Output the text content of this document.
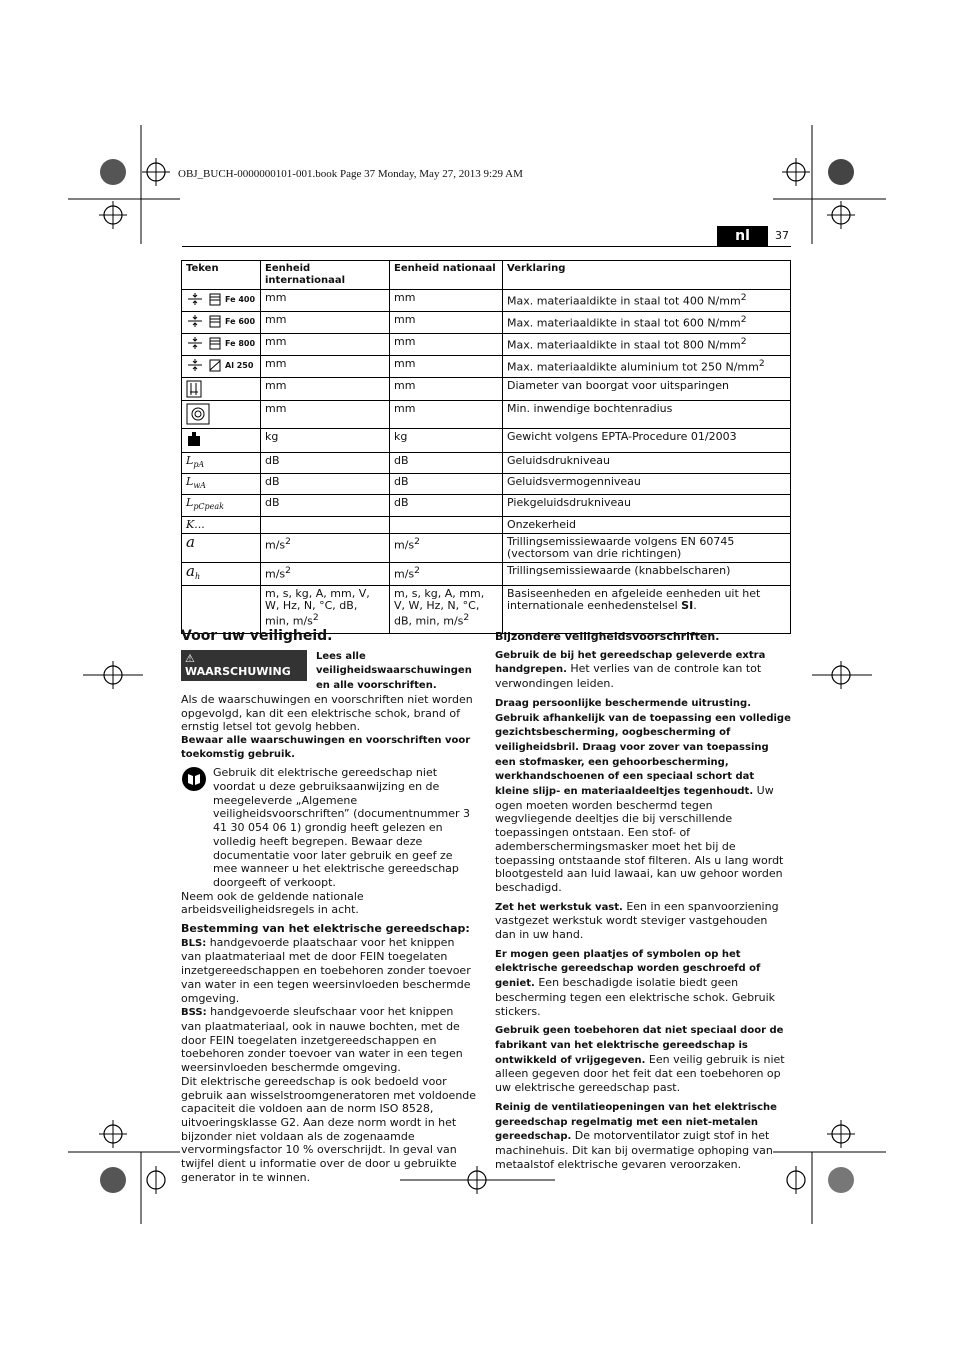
OBJ_BUCH-0000000101-001.book Page 37 Monday, May 27, 2013 9:29 AM
nl	37
Teken	Eenheid internationaal	Eenheid nationaal	Verklaring
Fe 400	mm	mm	Max. materiaaldikte in staal tot 400 $N/mm^2$
Fe 600	mm	mm	Max. materiaaldikte in staal tot 600 $N/mm^2$
Fe 800	mm	mm	Max. materiaaldikte in staal tot 800 $N/mm^2$
Al 250	mm	mm	Max. materiaaldikte aluminium tot 250 $N/mm^2$
	mm	mm	Diameter van boorgat voor uitsparingen
	mm	mm	Min. inwendige bochtenradius
	kg	kg	Gewicht volgens EPTA-Procedure 01/2003
$L_{pA}$	dB	dB	Geluidsdrukniveau
$L_{wA}$	dB	dB	Geluidsvermogenniveau
$L_{pCpeak}$	dB	dB	Piekgeluidsdrukniveau
K...			Onzekerheid
a	$m/s^2$	$m/s^2$	Trillingsemissiewaarde volgens EN 60745 (vectorsom van drie richtingen)
$a_h$	$m/s^2$	$m/s^2$	Trillingsemissiewaarde (knabbelscharen)
	m, s, kg, A, mm, V, W, Hz, N, °C, dB, min, $m/s^2$	m, s, kg, A, mm, V, W, Hz, N, °C, dB, min, $m/s^2$	Basiseenheden en afgeleide eenheden uit het internationale eenhedenstelsel SI.
Voor uw veiligheid.
⚠ WAARSCHUWING
Lees alle veiligheidswaarschuwingen en alle voorschriften.

Als de waarschuwingen en voorschriften niet worden opgevolgd, kan dit een elektrische schok, brand of ernstig letsel tot gevolg hebben.

Bewaar alle waarschuwingen en voorschriften voor toekomstig gebruik.

Gebruik dit elektrische gereedschap niet voordat u deze gebruiksaanwijzing en de meegeleverde „Algemene veiligheidsvoorschriften” (documentnummer 3 41 30 054 06 1) grondig heeft gelezen en volledig heeft begrepen. Bewaar deze documentatie voor later gebruik en geef ze mee wanneer u het elektrische gereedschap doorgeeft of verkoopt.

Neem ook de geldende nationale arbeidsveiligheidsregels in acht.

Bestemming van het elektrische gereedschap:

BLS: handgevoerde plaatschaar voor het knippen van plaatmateriaal met de door FEIN toegelaten inzetgereedschappen en toebehoren zonder toevoer van water in een tegen weersinvloeden beschermde omgeving.

BSS: handgevoerde sleufschaar voor het knippen van plaatmateriaal, ook in nauwe bochten, met de door FEIN toegelaten inzetgereedschappen en toebehoren zonder toevoer van water in een tegen weersinvloeden beschermde omgeving.

Dit elektrische gereedschap is ook bedoeld voor gebruik aan wisselstroomgeneratoren met voldoende capaciteit die voldoen aan de norm ISO 8528, uitvoeringsklasse G2. Aan deze norm wordt in het bijzonder niet voldaan als de zogenaamde vervormingsfactor 10 % overschrijdt. In geval van twijfel dient u informatie over de door u gebruikte generator in te winnen.

Bijzondere veiligheidsvoorschriften.

Gebruik de bij het gereedschap geleverde extra handgrepen. Het verlies van de controle kan tot verwondingen leiden.

Draag persoonlijke beschermende uitrusting. Gebruik afhankelijk van de toepassing een volledige gezichtsbescherming, oogbescherming of veiligheidsbril. Draag voor zover van toepassing een stofmasker, een gehoorbescherming, werkhandschoenen of een speciaal schort dat kleine slijp- en materiaaldeeltjes tegenhoudt. Uw ogen moeten worden beschermd tegen wegvliegende deeltjes die bij verschillende toepassingen ontstaan. Een stof- of ademberschermingsmasker moet het bij de toepassing ontstaande stof filteren. Als u lang wordt blootgesteld aan luid lawaai, kan uw gehoor worden beschadigd.

Zet het werkstuk vast. Een in een spanvoorziening vastgezet werkstuk wordt steviger vastgehouden dan in uw hand.

Er mogen geen plaatjes of symbolen op het elektrische gereedschap worden geschroefd of geniet. Een beschadigde isolatie biedt geen bescherming tegen een elektrische schok. Gebruik stickers.

Gebruik geen toebehoren dat niet speciaal door de fabrikant van het elektrische gereedschap is ontwikkeld of vrijgegeven. Een veilig gebruik is niet alleen gegeven door het feit dat een toebehoren op uw elektrische gereedschap past.

Reinig de ventilatieopeningen van het elektrische gereedschap regelmatig met een niet-metalen gereedschap. De motorventilator zuigt stof in het machinehuis. Dit kan bij overmatige ophoping van metaalstof elektrische gevaren veroorzaken.
